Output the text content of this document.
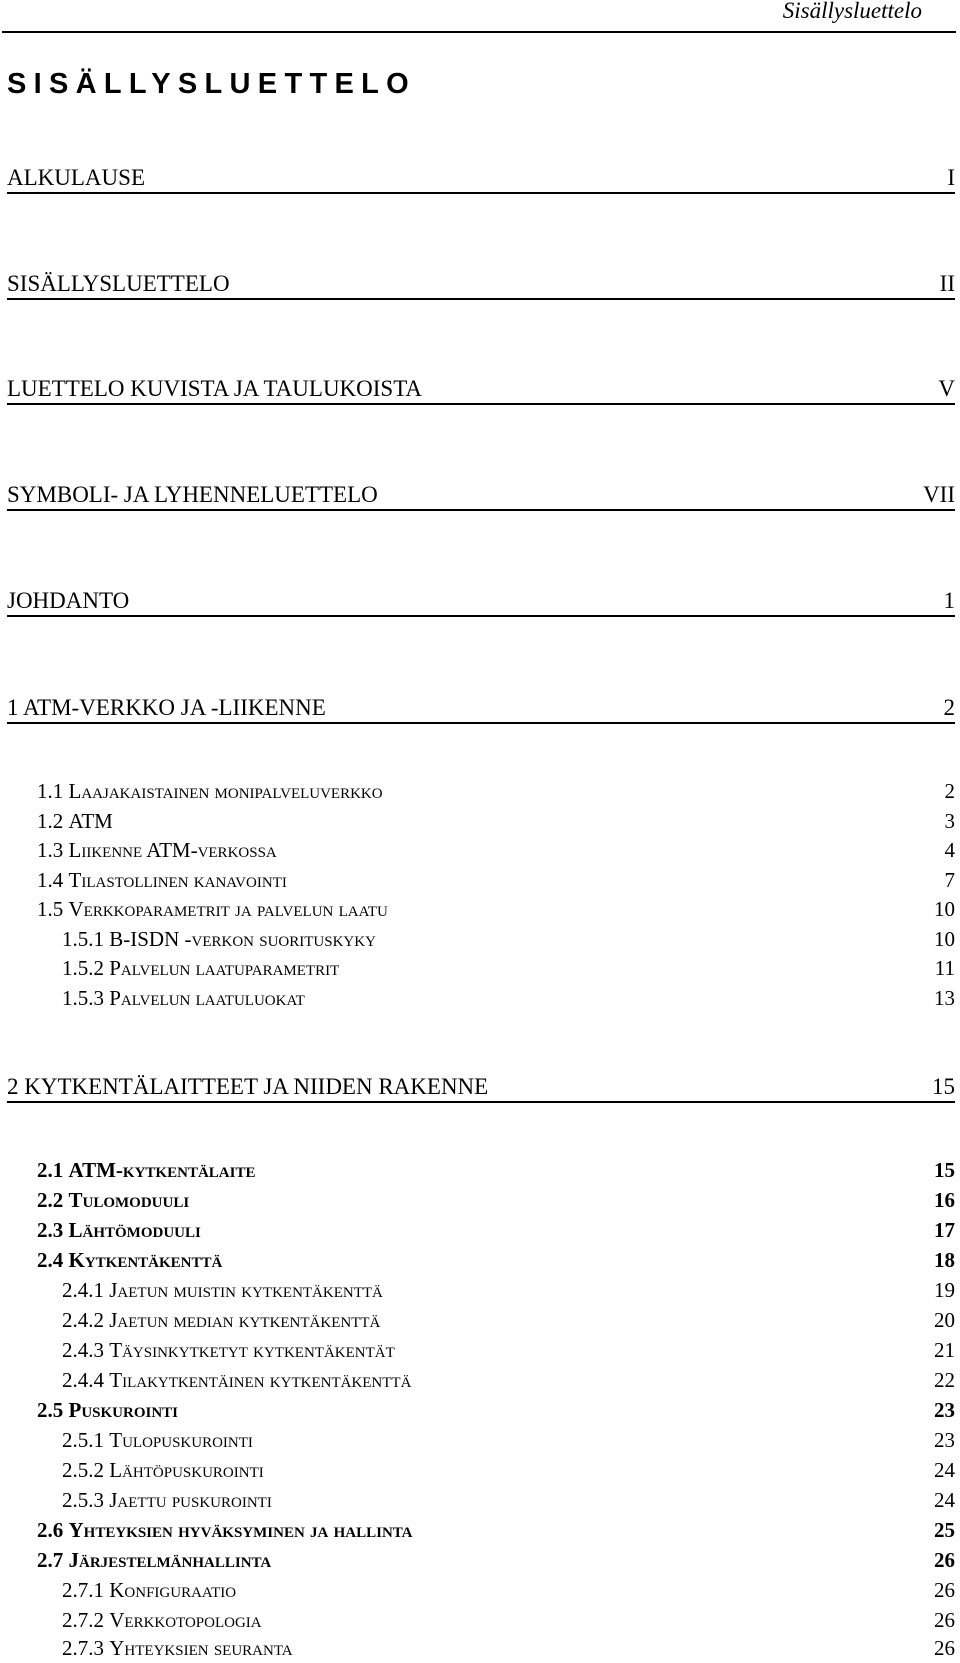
Sisällysluettelo
SISÄLLYSLUETTELO
ALKULAUSE	I
SISÄLLYSLUETTELO	II
LUETTELO KUVISTA JA TAULUKOISTA	V
SYMBOLI- JA LYHENNELUETTELO	VII
JOHDANTO	1
1 ATM-VERKKO JA -LIIKENNE	2
1.1 Laajakaistainen monipalveluverkko	2
1.2 ATM	3
1.3 Liikenne ATM-verkossa	4
1.4 Tilastollinen kanavointi	7
1.5 Verkkoparametrit ja palvelun laatu	10
1.5.1 B-ISDN -verkon suorituskyky	10
1.5.2 Palvelun laatuparametrit	11
1.5.3 Palvelun laatuluokat	13
2 KYTKENTÄLAITTEET JA NIIDEN RAKENNE	15
2.1 ATM-kytkentälaite	15
2.2 Tulomoduuli	16
2.3 Lähtömoduuli	17
2.4 Kytkentäkenttä	18
2.4.1 Jaetun muistin kytkentäkenttä	19
2.4.2 Jaetun median kytkentäkenttä	20
2.4.3 Täysinkytketyt kytkentäkentät	21
2.4.4 Tilakytkentäinen kytkentäkenttä	22
2.5 Puskurointi	23
2.5.1 Tulopuskurointi	23
2.5.2 Lähtöpuskurointi	24
2.5.3 Jaettu puskurointi	24
2.6 Yhteyksien hyväksyminen ja hallinta	25
2.7 Järjestelmänhallinta	26
2.7.1 Konfiguraatio	26
2.7.2 Verkkotopologia	26
2.7.3 Yhteyksien seuranta	26
